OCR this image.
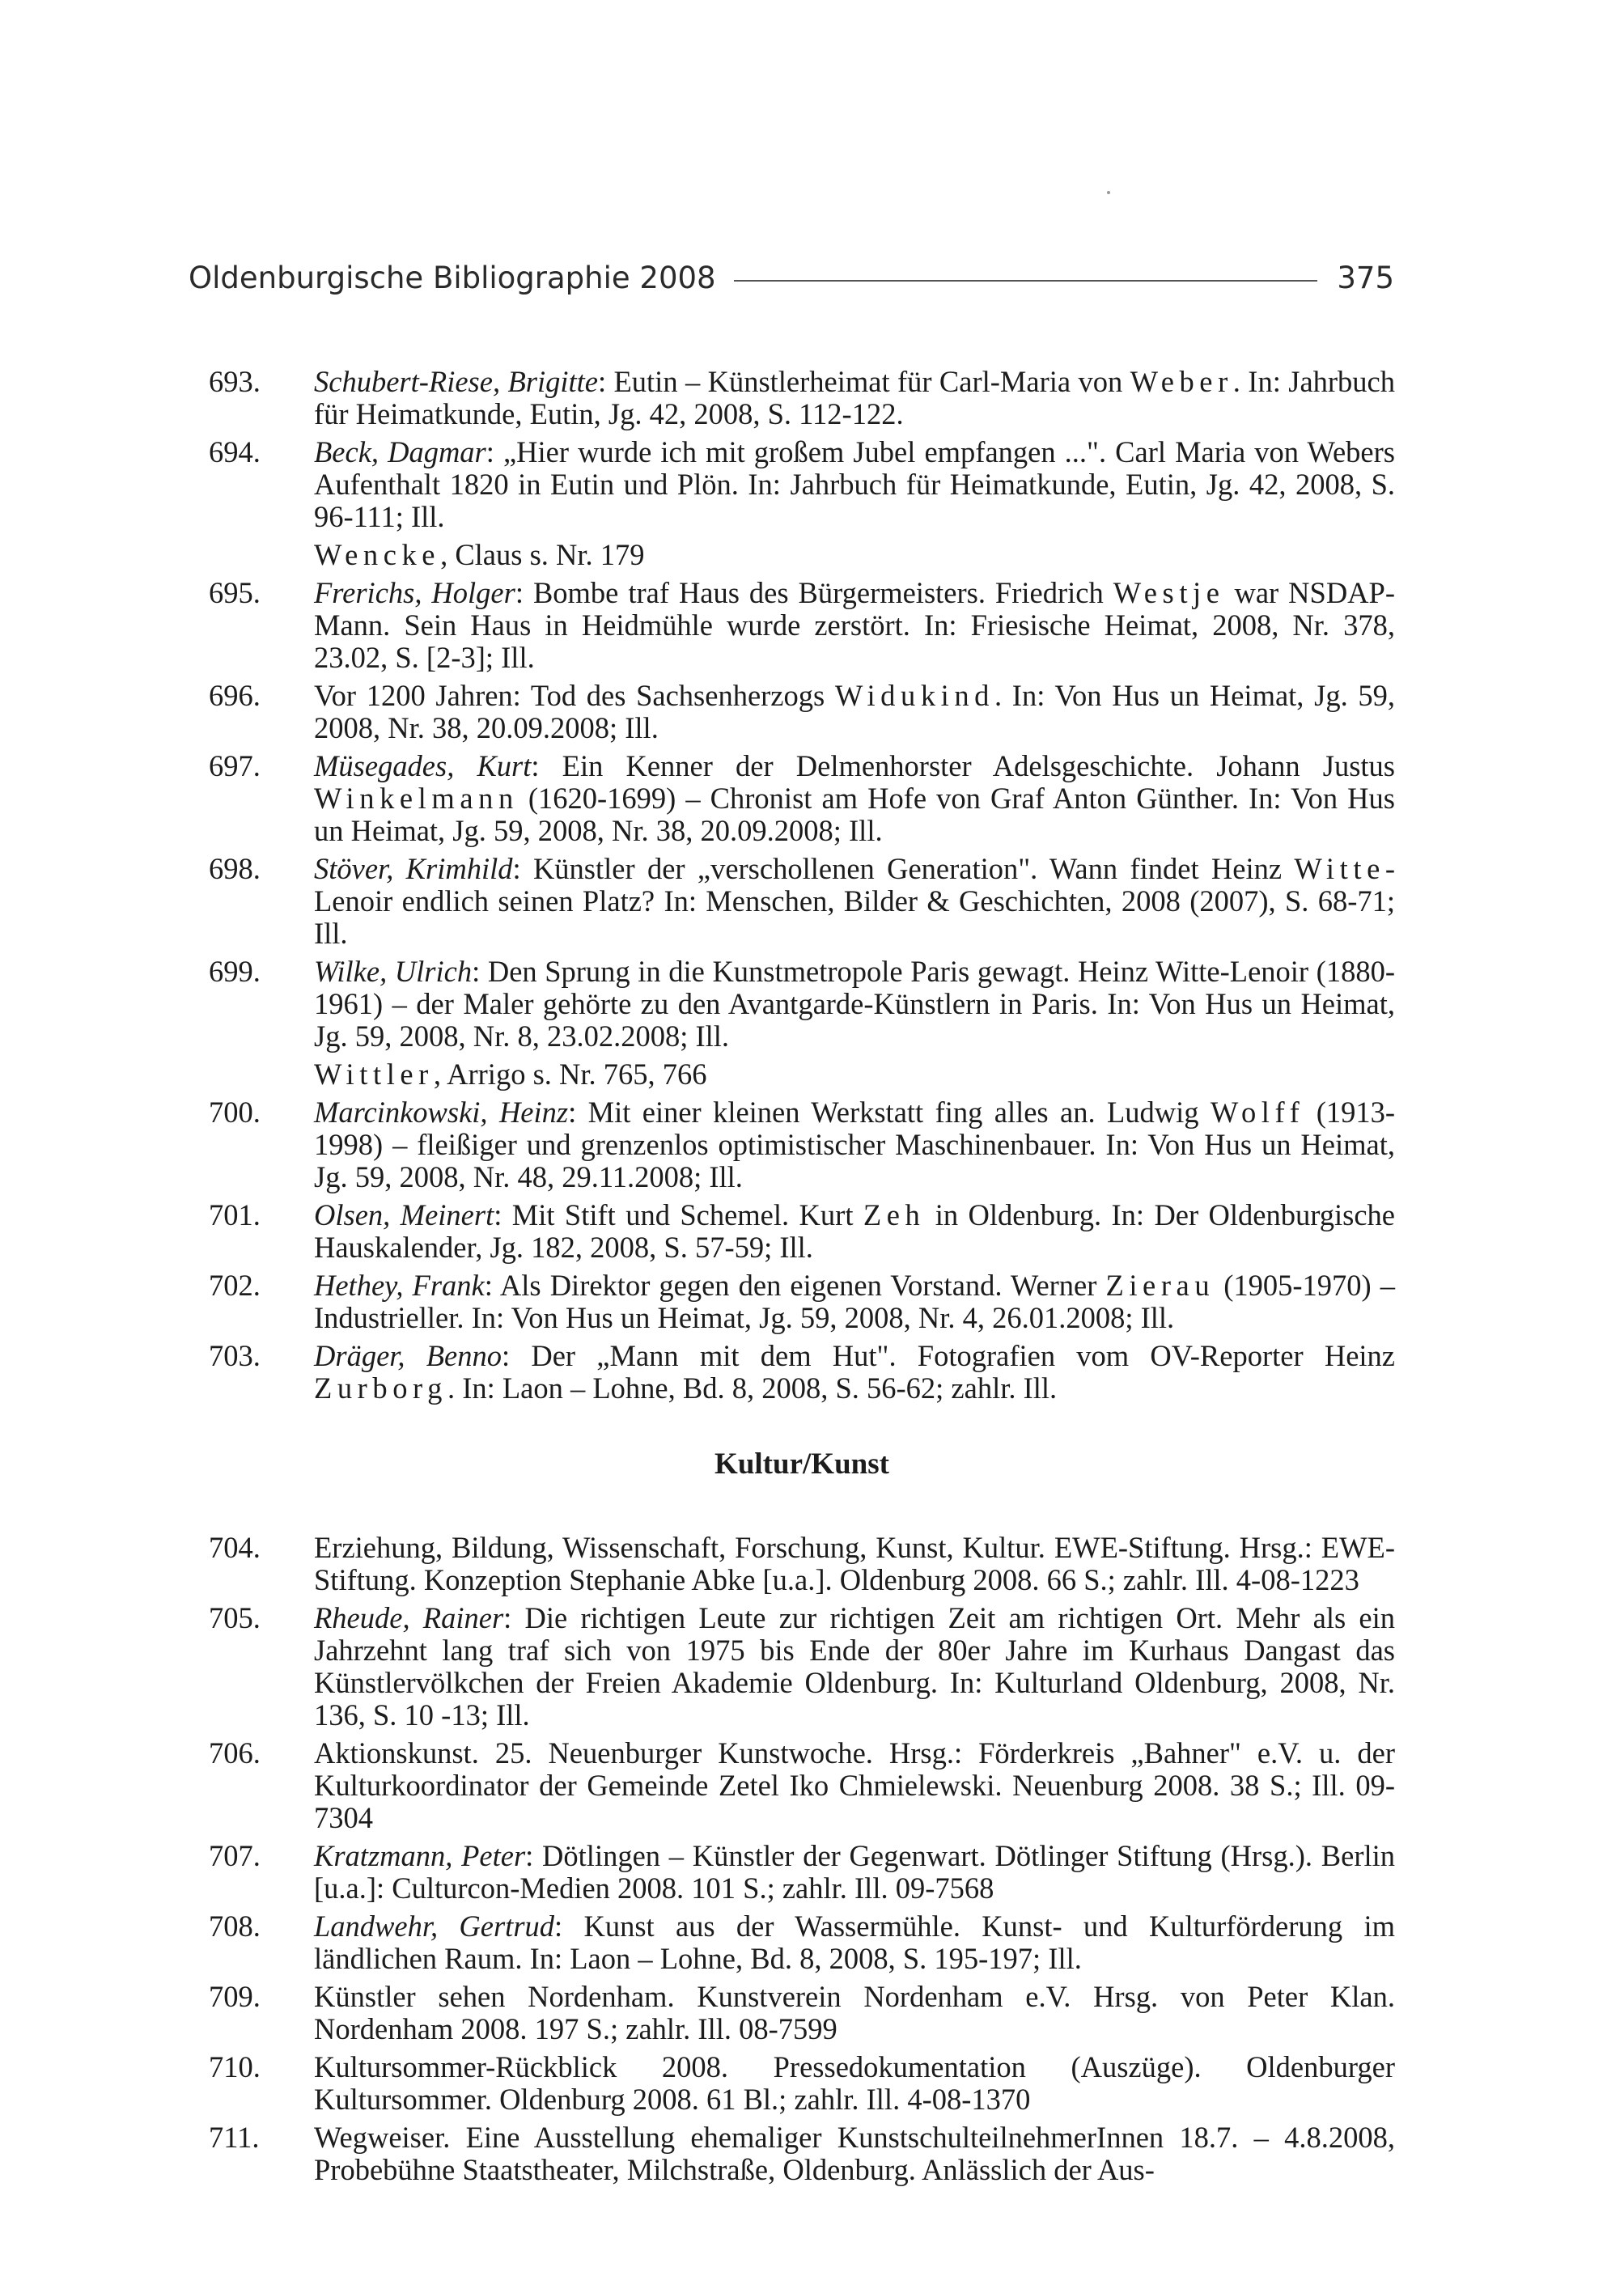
Oldenburgische Bibliographie 2008	375
693.	Schubert-Riese, Brigitte: Eutin – Künstlerheimat für Carl-Maria von Weber. In: Jahrbuch für Heimatkunde, Eutin, Jg. 42, 2008, S. 112-122.
694.	Beck, Dagmar: „Hier wurde ich mit großem Jubel empfangen ...". Carl Maria von Webers Aufenthalt 1820 in Eutin und Plön. In: Jahrbuch für Heimatkunde, Eutin, Jg. 42, 2008, S. 96-111; Ill.
Wencke, Claus s. Nr. 179
695.	Frerichs, Holger: Bombe traf Haus des Bürgermeisters. Friedrich Westje war NSDAP-Mann. Sein Haus in Heidmühle wurde zerstört. In: Friesische Heimat, 2008, Nr. 378, 23.02, S. [2-3]; Ill.
696.	Vor 1200 Jahren: Tod des Sachsenherzogs Widukind. In: Von Hus un Heimat, Jg. 59, 2008, Nr. 38, 20.09.2008; Ill.
697.	Müsegades, Kurt: Ein Kenner der Delmenhorster Adelsgeschichte. Johann Justus Winkelmann (1620-1699) – Chronist am Hofe von Graf Anton Günther. In: Von Hus un Heimat, Jg. 59, 2008, Nr. 38, 20.09.2008; Ill.
698.	Stöver, Krimhild: Künstler der „verschollenen Generation". Wann findet Heinz Witte-Lenoir endlich seinen Platz? In: Menschen, Bilder & Geschichten, 2008 (2007), S. 68-71; Ill.
699.	Wilke, Ulrich: Den Sprung in die Kunstmetropole Paris gewagt. Heinz Witte-Lenoir (1880-1961) – der Maler gehörte zu den Avantgarde-Künstlern in Paris. In: Von Hus un Heimat, Jg. 59, 2008, Nr. 8, 23.02.2008; Ill.
Wittler, Arrigo s. Nr. 765, 766
700.	Marcinkowski, Heinz: Mit einer kleinen Werkstatt fing alles an. Ludwig Wolff (1913-1998) – fleißiger und grenzenlos optimistischer Maschinenbauer. In: Von Hus un Heimat, Jg. 59, 2008, Nr. 48, 29.11.2008; Ill.
701.	Olsen, Meinert: Mit Stift und Schemel. Kurt Zeh in Oldenburg. In: Der Oldenburgische Hauskalender, Jg. 182, 2008, S. 57-59; Ill.
702.	Hethey, Frank: Als Direktor gegen den eigenen Vorstand. Werner Zierau (1905-1970) – Industrieller. In: Von Hus un Heimat, Jg. 59, 2008, Nr. 4, 26.01.2008; Ill.
703.	Dräger, Benno: Der „Mann mit dem Hut". Fotografien vom OV-Reporter Heinz Zurborg. In: Laon – Lohne, Bd. 8, 2008, S. 56-62; zahlr. Ill.
Kultur/Kunst
704.	Erziehung, Bildung, Wissenschaft, Forschung, Kunst, Kultur. EWE-Stiftung. Hrsg.: EWE-Stiftung. Konzeption Stephanie Abke [u.a.]. Oldenburg 2008. 66 S.; zahlr. Ill. 4-08-1223
705.	Rheude, Rainer: Die richtigen Leute zur richtigen Zeit am richtigen Ort. Mehr als ein Jahrzehnt lang traf sich von 1975 bis Ende der 80er Jahre im Kurhaus Dangast das Künstlervölkchen der Freien Akademie Oldenburg. In: Kulturland Oldenburg, 2008, Nr. 136, S. 10 -13; Ill.
706.	Aktionskunst. 25. Neuenburger Kunstwoche. Hrsg.: Förderkreis „Bahner" e.V. u. der Kulturkoordinator der Gemeinde Zetel Iko Chmielewski. Neuenburg 2008. 38 S.; Ill. 09-7304
707.	Kratzmann, Peter: Dötlingen – Künstler der Gegenwart. Dötlinger Stiftung (Hrsg.). Berlin [u.a.]: Culturcon-Medien 2008. 101 S.; zahlr. Ill. 09-7568
708.	Landwehr, Gertrud: Kunst aus der Wassermühle. Kunst- und Kulturförderung im ländlichen Raum. In: Laon – Lohne, Bd. 8, 2008, S. 195-197; Ill.
709.	Künstler sehen Nordenham. Kunstverein Nordenham e.V. Hrsg. von Peter Klan. Nordenham 2008. 197 S.; zahlr. Ill. 08-7599
710.	Kultursommer-Rückblick 2008. Pressedokumentation (Auszüge). Oldenburger Kultursommer. Oldenburg 2008. 61 Bl.; zahlr. Ill. 4-08-1370
711.	Wegweiser. Eine Ausstellung ehemaliger KunstschulteilnehmerInnen 18.7. – 4.8.2008, Probebühne Staatstheater, Milchstraße, Oldenburg. Anlässlich der Aus-
